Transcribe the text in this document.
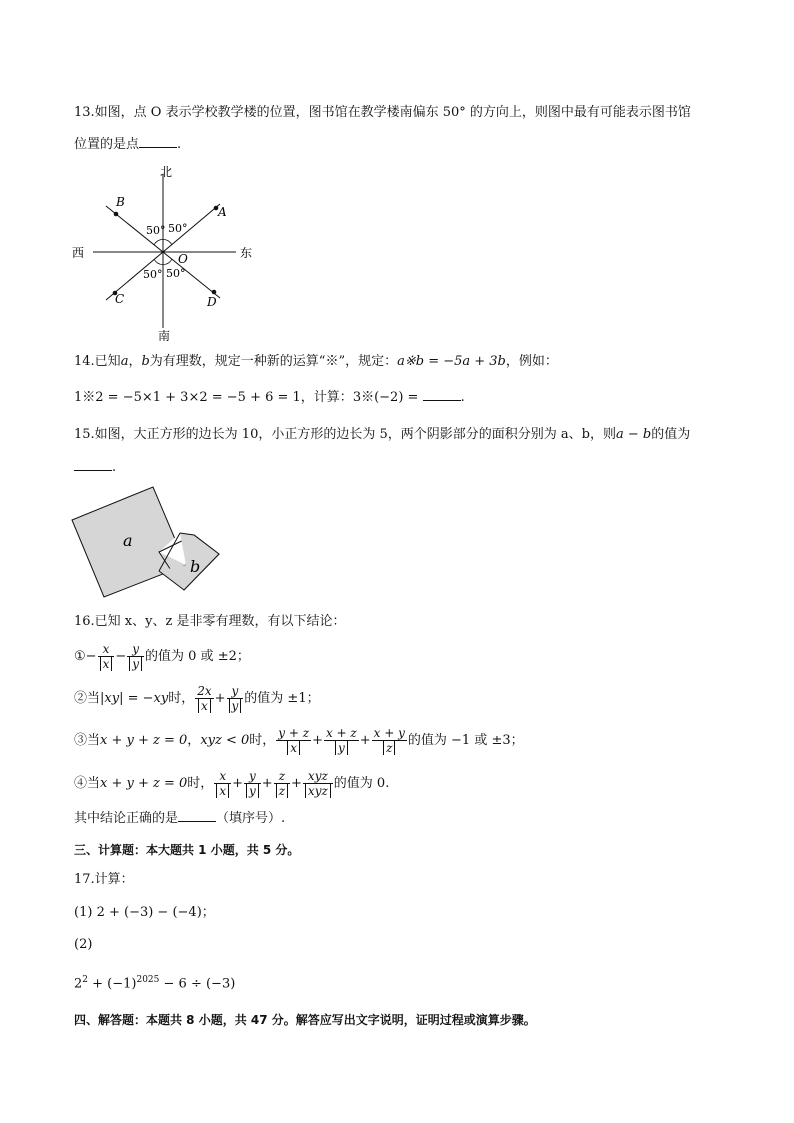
13.如图，点 O 表示学校教学楼的位置，图书馆在教学楼南偏东 50° 的方向上，则图中最有可能表示图书馆
位置的是点	.
北
南
西	东
A
B
C	D
O
50° 50°
50° 50°
14.已知a，b为有理数，规定一种新的运算“※”，规定：a※b = −5a + 3b，例如：
1※2 = −5×1 + 3×2 = −5 + 6 = 1，计算：3※(−2) =	.
15.如图，大正方形的边长为 10，小正方形的边长为 5，两个阴影部分的面积分别为 a、b，则a − b的值为
.
a
b
16.已知 x、y、z 是非零有理数，有以下结论：
①− $\frac{x}{x} - \frac{y}{y}$ 的值为 0 或 ±2；
②当|xy| = −xy时， $\frac{2x}{x} + \frac{y}{y}$ 的值为 ±1；
③当x + y + z = 0，xyz < 0时， $\frac{y + z}{x} + \frac{x + z}{y} + \frac{x + y}{z}$ 的值为 −1 或 ±3；
④当x + y + z = 0时， $\frac{x}{x} + \frac{y}{y} + \frac{z}{z} + \frac{\text{xyz}}{\text{xyz}}$ 的值为 0.
其中结论正确的是	（填序号）.
三、计算题：本大题共 1 小题，共 5 分。
17.计算：
(1) 2 + (−3) − (−4)；
(2)
$2^2 + (-1)^{2025} - 6 \div (-3)$
四、解答题：本题共 8 小题，共 47 分。解答应写出文字说明，证明过程或演算步骤。
